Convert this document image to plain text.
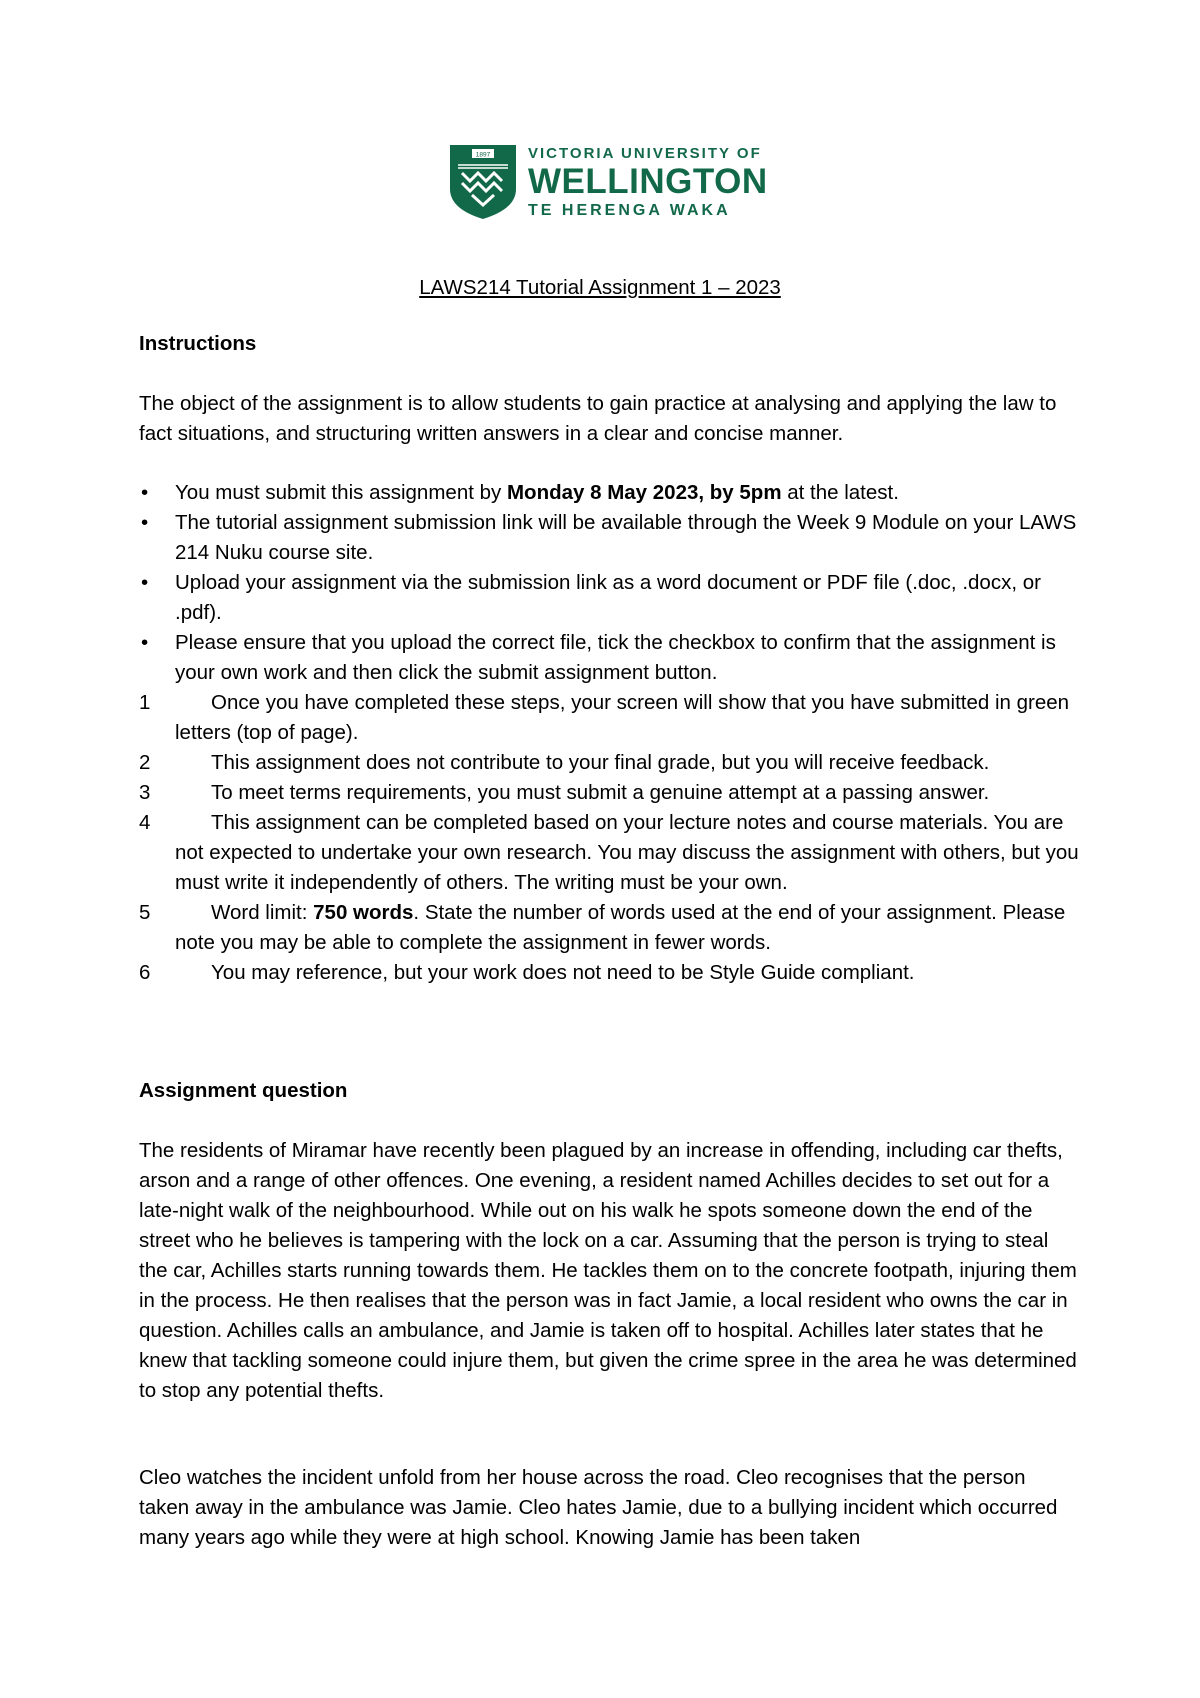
1897	VICTORIA UNIVERSITY OF
WELLINGTON
TE HERENGA WAKA
LAWS214 Tutorial Assignment 1 – 2023
Instructions

The object of the assignment is to allow students to gain practice at analysing and applying the law to fact situations, and structuring written answers in a clear and concise manner.

• You must submit this assignment by Monday 8 May 2023, by 5pm at the latest.
• The tutorial assignment submission link will be available through the Week 9 Module on your LAWS 214 Nuku course site.
• Upload your assignment via the submission link as a word document or PDF file (.doc, .docx, or .pdf).
• Please ensure that you upload the correct file, tick the checkbox to confirm that the assignment is your own work and then click the submit assignment button.
1	Once you have completed these steps, your screen will show that you have submitted in green letters (top of page).
2	This assignment does not contribute to your final grade, but you will receive feedback.
3	To meet terms requirements, you must submit a genuine attempt at a passing answer.
4	This assignment can be completed based on your lecture notes and course materials. You are not expected to undertake your own research. You may discuss the assignment with others, but you must write it independently of others. The writing must be your own.
5	Word limit: 750 words. State the number of words used at the end of your assignment. Please note you may be able to complete the assignment in fewer words.
6	You may reference, but your work does not need to be Style Guide compliant.
Assignment question

The residents of Miramar have recently been plagued by an increase in offending, including car thefts, arson and a range of other offences. One evening, a resident named Achilles decides to set out for a late-night walk of the neighbourhood. While out on his walk he spots someone down the end of the street who he believes is tampering with the lock on a car. Assuming that the person is trying to steal the car, Achilles starts running towards them. He tackles them on to the concrete footpath, injuring them in the process. He then realises that the person was in fact Jamie, a local resident who owns the car in question. Achilles calls an ambulance, and Jamie is taken off to hospital. Achilles later states that he knew that tackling someone could injure them, but given the crime spree in the area he was determined to stop any potential thefts.

Cleo watches the incident unfold from her house across the road. Cleo recognises that the person taken away in the ambulance was Jamie. Cleo hates Jamie, due to a bullying incident which occurred many years ago while they were at high school. Knowing Jamie has been taken
